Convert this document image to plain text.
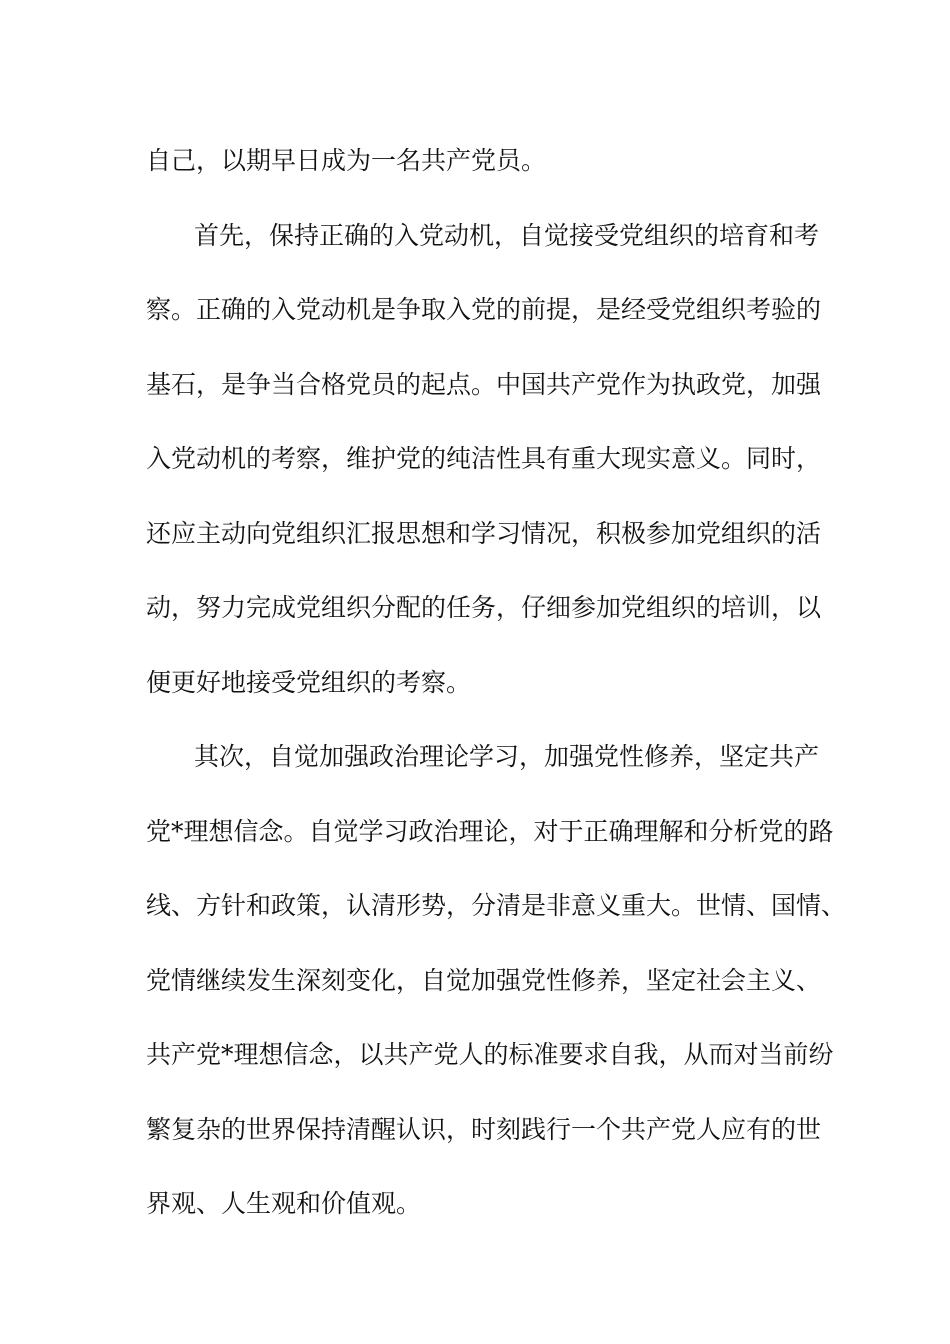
自己，以期早日成为一名共产党员。
首先，保持正确的入党动机，自觉接受党组织的培育和考
察。正确的入党动机是争取入党的前提，是经受党组织考验的
基石，是争当合格党员的起点。中国共产党作为执政党，加强
入党动机的考察，维护党的纯洁性具有重大现实意义。同时，
还应主动向党组织汇报思想和学习情况，积极参加党组织的活
动，努力完成党组织分配的任务，仔细参加党组织的培训，以
便更好地接受党组织的考察。
其次，自觉加强政治理论学习，加强党性修养，坚定共产
党*理想信念。自觉学习政治理论，对于正确理解和分析党的路
线、方针和政策，认清形势，分清是非意义重大。世情、国情、
党情继续发生深刻变化，自觉加强党性修养，坚定社会主义、
共产党*理想信念，以共产党人的标准要求自我，从而对当前纷
繁复杂的世界保持清醒认识，时刻践行一个共产党人应有的世
界观、人生观和价值观。
